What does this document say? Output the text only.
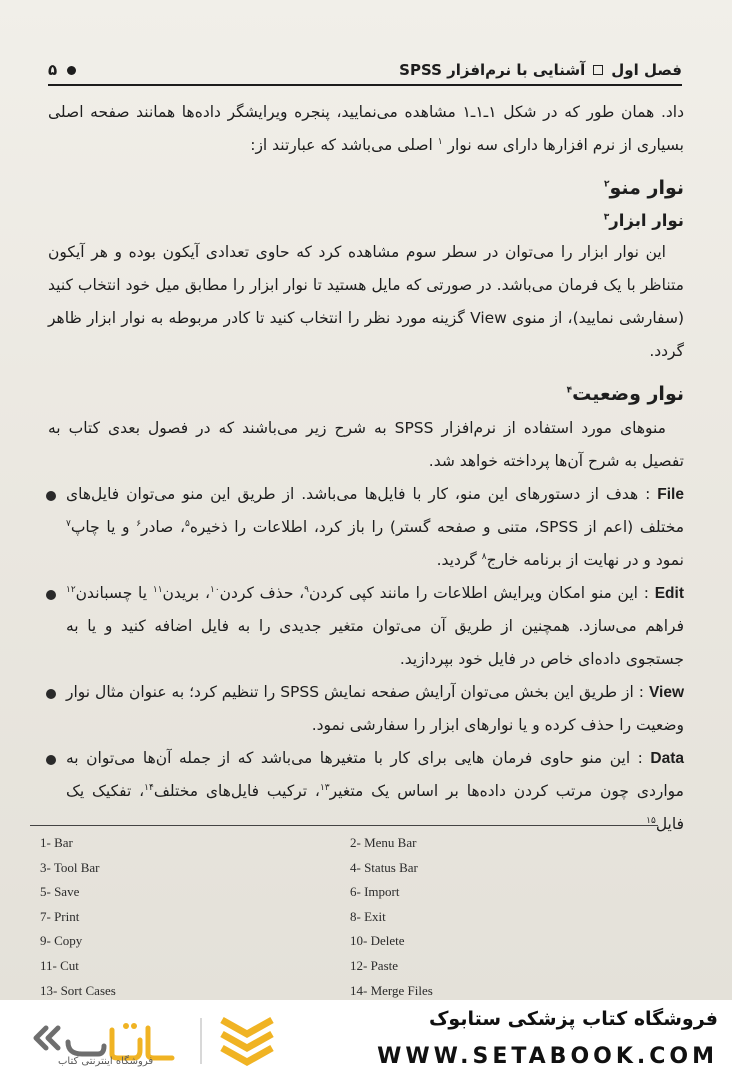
فصل اول
آشنایی با نرم‌افزار SPSS
۵

داد. همان طور که در شکل ۱ـ۱ـ۱ مشاهده می‌نمایید، پنجره ویرایشگر داده‌ها همانند صفحه اصلی بسیاری از نرم افزارها دارای سه نوار $^۱$ اصلی می‌باشد که عبارتند از:

نوار منو$^۲$

نوار ابزار$^۳$

این نوار ابزار را می‌توان در سطر سوم مشاهده کرد که حاوی تعدادی آیکون بوده و هر آیکون متناظر با یک فرمان می‌باشد. در صورتی که مایل هستید تا نوار ابزار را مطابق میل خود انتخاب کنید (سفارشی نمایید)، از منوی View گزینه مورد نظر را انتخاب کنید تا کادر مربوطه به نوار ابزار ظاهر گردد.

نوار وضعیت$^۴$

منوهای مورد استفاده از نرم‌افزار SPSS به شرح زیر می‌باشند که در فصول بعدی کتاب به تفصیل به شرح آن‌ها پرداخته خواهد شد.

File : هدف از دستورهای این منو، کار با فایل‌ها می‌باشد. از طریق این منو می‌توان فایل‌های مختلف (اعم از SPSS، متنی و صفحه گستر) را باز کرد، اطلاعات را ذخیره$^۵$، صادر$^۶$ و یا چاپ$^۷$ نمود و در نهایت از برنامه خارج$^۸$ گردید.
Edit : این منو امکان ویرایش اطلاعات را مانند کپی کردن$^۹$، حذف کردن$^{۱۰}$، بریدن$^{۱۱}$ یا چسباندن$^{۱۲}$ فراهم می‌سازد. همچنین از طریق آن می‌توان متغیر جدیدی را به فایل اضافه کنید و یا به جستجوی داده‌ای خاص در فایل خود بپردازید.
View : از طریق این بخش می‌توان آرایش صفحه نمایش SPSS را تنظیم کرد؛ به عنوان مثال نوار وضعیت را حذف کرده و یا نوارهای ابزار را سفارشی نمود.
Data : این منو حاوی فرمان هایی برای کار با متغیرها می‌باشد که از جمله آن‌ها می‌توان به مواردی چون مرتب کردن داده‌ها بر اساس یک متغیر$^{۱۳}$، ترکیب فایل‌های مختلف$^{۱۴}$، تفکیک یک فایل$^{۱۵}$
1- Bar	2- Menu Bar
3- Tool Bar	4- Status Bar
5- Save	6- Import
7- Print	8- Exit
9- Copy	10- Delete
11- Cut	12- Paste
13- Sort Cases	14- Merge Files
ستابوک
فروشگاه اینترنتی کتاب
فروشگاه کتاب پزشکی ستابوک
WWW.SETABOOK.COM
